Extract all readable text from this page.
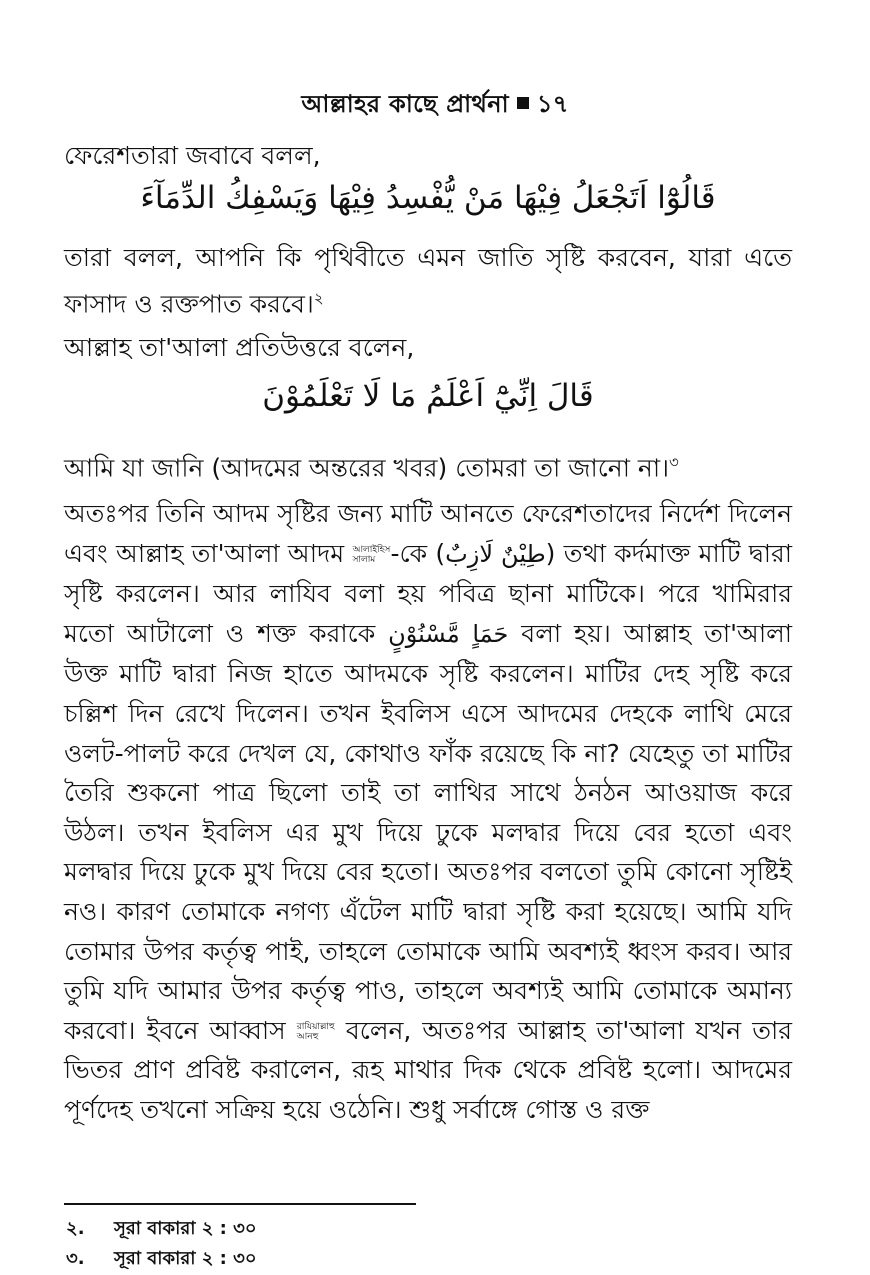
আল্লাহর কাছে প্রার্থনা ১৭
ফেরেশতারা জবাবে বলল,
قَالُوْٓا اَتَجْعَلُ فِيْهَا مَنْ يُّفْسِدُ فِيْهَا وَيَسْفِكُ الدِّمَآءَ
তারা বলল, আপনি কি পৃথিবীতে এমন জাতি সৃষ্টি করবেন, যারা এতে ফাসাদ ও রক্তপাত করবে।$^২$
আল্লাহ তা'আলা প্রতিউত্তরে বলেন,
قَالَ اِنِّيْٓ اَعْلَمُ مَا لَا تَعْلَمُوْنَ
আমি যা জানি (আদমের অন্তরের খবর) তোমরা তা জানো না।$^৩$
অতঃপর তিনি আদম সৃষ্টির জন্য মাটি আনতে ফেরেশতাদের নির্দেশ দিলেন এবং আল্লাহ তা'আলা আদম আলাইহিস সালাম -কে (طِيْنٌ لَازِبٌ) তথা কর্দমাক্ত মাটি দ্বারা সৃষ্টি করলেন। আর লাযিব বলা হয় পবিত্র ছানা মাটিকে। পরে খামিরার মতো আটালো ও শক্ত করাকে حَمَاٍ مَّسْنُوْنٍ বলা হয়। আল্লাহ তা'আলা উক্ত মাটি দ্বারা নিজ হাতে আদমকে সৃষ্টি করলেন। মাটির দেহ সৃষ্টি করে চল্লিশ দিন রেখে দিলেন। তখন ইবলিস এসে আদমের দেহকে লাথি মেরে ওলট-পালট করে দেখল যে, কোথাও ফাঁক রয়েছে কি না? যেহেতু তা মাটির তৈরি শুকনো পাত্র ছিলো তাই তা লাথির সাথে ঠনঠন আওয়াজ করে উঠল। তখন ইবলিস এর মুখ দিয়ে ঢুকে মলদ্বার দিয়ে বের হতো এবং মলদ্বার দিয়ে ঢুকে মুখ দিয়ে বের হতো। অতঃপর বলতো তুমি কোনো সৃষ্টিই নও। কারণ তোমাকে নগণ্য এঁটেল মাটি দ্বারা সৃষ্টি করা হয়েছে। আমি যদি তোমার উপর কর্তৃত্ব পাই, তাহলে তোমাকে আমি অবশ্যই ধ্বংস করব। আর তুমি যদি আমার উপর কর্তৃত্ব পাও, তাহলে অবশ্যই আমি তোমাকে অমান্য করবো। ইবনে আব্বাস রাযিয়াল্লাহু আনহু বলেন, অতঃপর আল্লাহ তা'আলা যখন তার ভিতর প্রাণ প্রবিষ্ট করালেন, রূহ মাথার দিক থেকে প্রবিষ্ট হলো। আদমের পূর্ণদেহ তখনো সক্রিয় হয়ে ওঠেনি। শুধু সর্বাঙ্গে গোস্ত ও রক্ত
২. সূরা বাকারা ২ : ৩০
৩. সূরা বাকারা ২ : ৩০
